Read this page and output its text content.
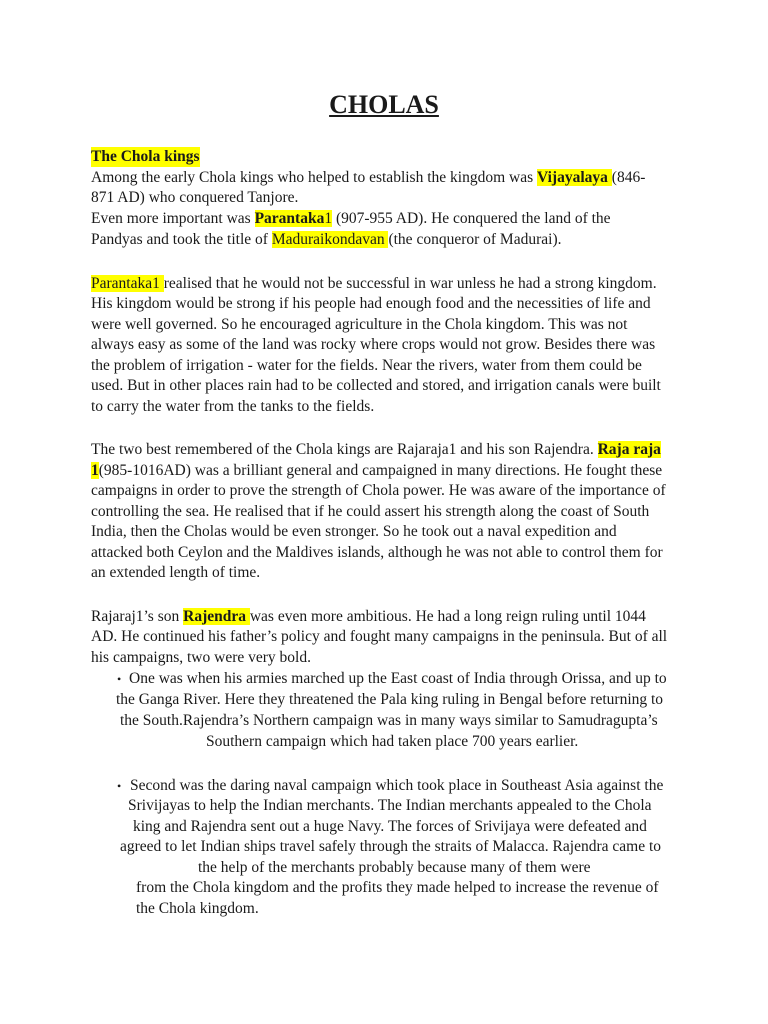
CHOLAS
The Chola kings
Among the early Chola kings who helped to establish the kingdom was Vijayalaya (846-
871 AD) who conquered Tanjore.
Even more important was Parantaka1 (907-955 AD). He conquered the land of the
Pandyas and took the title of Maduraikondavan (the conqueror of Madurai).
Parantaka1 realised that he would not be successful in war unless he had a strong kingdom.
His kingdom would be strong if his people had enough food and the necessities of life and
were well governed. So he encouraged agriculture in the Chola kingdom. This was not
always easy as some of the land was rocky where crops would not grow. Besides there was
the problem of irrigation - water for the fields. Near the rivers, water from them could be
used. But in other places rain had to be collected and stored, and irrigation canals were built
to carry the water from the tanks to the fields.
The two best remembered of the Chola kings are Rajaraja1 and his son Rajendra. Raja raja
1(985-1016AD) was a brilliant general and campaigned in many directions. He fought these
campaigns in order to prove the strength of Chola power. He was aware of the importance of
controlling the sea. He realised that if he could assert his strength along the coast of South
India, then the Cholas would be even stronger. So he took out a naval expedition and
attacked both Ceylon and the Maldives islands, although he was not able to control them for
an extended length of time.
Rajaraj1’s son Rajendra was even more ambitious. He had a long reign ruling until 1044
AD. He continued his father’s policy and fought many campaigns in the peninsula. But of all
his campaigns, two were very bold.
• One was when his armies marched up the East coast of India through Orissa, and up to
the Ganga River. Here they threatened the Pala king ruling in Bengal before returning to
the South.Rajendra’s Northern campaign was in many ways similar to Samudragupta’s
Southern campaign which had taken place 700 years earlier.
• Second was the daring naval campaign which took place in Southeast Asia against the
Srivijayas to help the Indian merchants. The Indian merchants appealed to the Chola
king and Rajendra sent out a huge Navy. The forces of Srivijaya were defeated and
agreed to let Indian ships travel safely through the straits of Malacca. Rajendra came to
the help of the merchants probably because many of them were
from the Chola kingdom and the profits they made helped to increase the revenue of
the Chola kingdom.
